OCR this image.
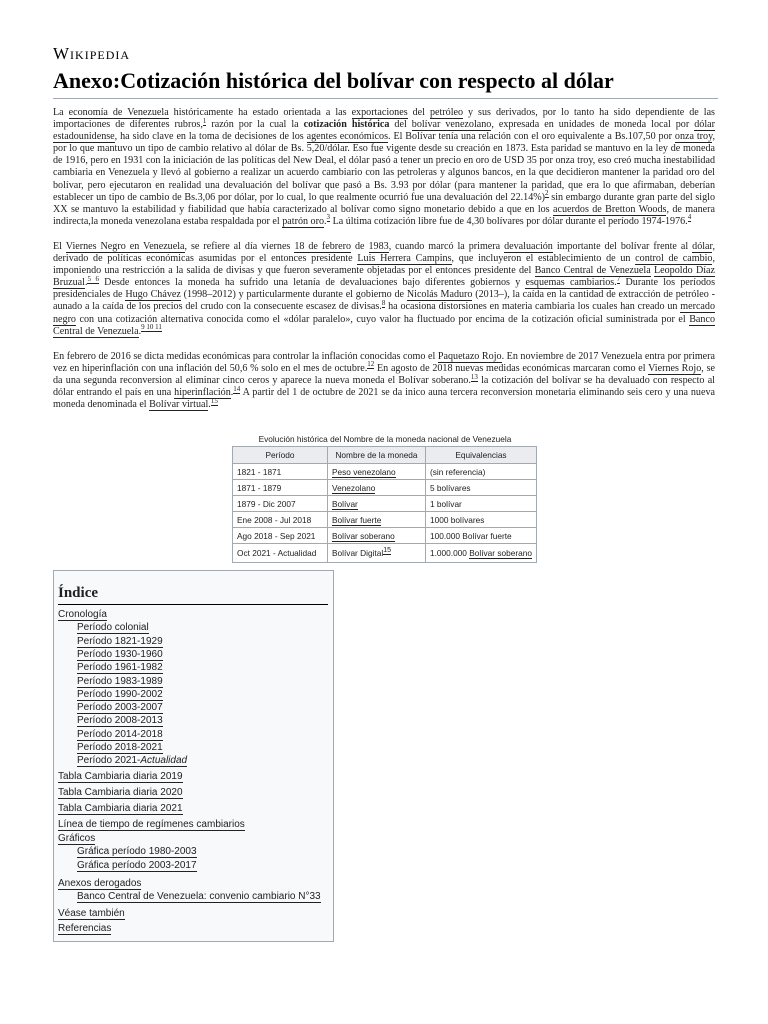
Wikipedia
Anexo:Cotización histórica del bolívar con respecto al dólar

La economía de Venezuela históricamente ha estado orientada a las exportaciones del petróleo y sus derivados, por lo tanto ha sido dependiente de las importaciones de diferentes rubros,$^1$ razón por la cual la cotización histórica del bolívar venezolano, expresada en unidades de moneda local por dólar estadounidense, ha sido clave en la toma de decisiones de los agentes económicos. El Bolívar tenía una relación con el oro equivalente a Bs.107,50 por onza troy, por lo que mantuvo un tipo de cambio relativo al dólar de Bs. 5,20/dólar. Eso fue vigente desde su creación en 1873. Esta paridad se mantuvo en la ley de moneda de 1916, pero en 1931 con la iniciación de las políticas del New Deal, el dólar pasó a tener un precio en oro de USD 35 por onza troy, eso creó mucha inestabilidad cambiaria en Venezuela y llevó al gobierno a realizar un acuerdo cambiario con las petroleras y algunos bancos, en la que decidieron mantener la paridad oro del bolívar, pero ejecutaron en realidad una devaluación del bolívar que pasó a Bs. 3.93 por dólar (para mantener la paridad, que era lo que afirmaban, deberían establecer un tipo de cambio de Bs.3,06 por dólar, por lo cual, lo que realmente ocurrió fue una devaluación del 22.14%)$^2$ sin embargo durante gran parte del siglo XX se mantuvo la estabilidad y fiabilidad que había caracterizado al bolívar como signo monetario debido a que en los acuerdos de Bretton Woods, de manera indirecta,la moneda venezolana estaba respaldada por el patrón oro.$^3$ La última cotización libre fue de 4,30 bolívares por dólar durante el período 1974-1976.$^4$

El Viernes Negro en Venezuela, se refiere al día viernes 18 de febrero de 1983, cuando marcó la primera devaluación importante del bolívar frente al dólar, derivado de políticas económicas asumidas por el entonces presidente Luis Herrera Campins, que incluyeron el establecimiento de un control de cambio, imponiendo una restricción a la salida de divisas y que fueron severamente objetadas por el entonces presidente del Banco Central de Venezuela Leopoldo Díaz Bruzual.$^{5 6}$ Desde entonces la moneda ha sufrido una letanía de devaluaciones bajo diferentes gobiernos y esquemas cambiarios.$^7$ Durante los períodos presidenciales de Hugo Chávez (1998–2012) y particularmente durante el gobierno de Nicolás Maduro (2013–), la caída en la cantidad de extracción de petróleo - aunado a la caída de los precios del crudo con la consecuente escasez de divisas.$^8$ ha ocasiona distorsiones en materia cambiaria los cuales han creado un mercado negro con una cotización alternativa conocida como el «dólar paralelo», cuyo valor ha fluctuado por encima de la cotización oficial suministrada por el Banco Central de Venezuela.$^{9 10 11}$

En febrero de 2016 se dicta medidas económicas para controlar la inflación conocidas como el Paquetazo Rojo. En noviembre de 2017 Venezuela entra por primera vez en hiperinflación con una inflación del 50,6 % solo en el mes de octubre.$^{12}$ En agosto de 2018 nuevas medidas económicas marcaran como el Viernes Rojo, se da una segunda reconversion al eliminar cinco ceros y aparece la nueva moneda el Bolívar soberano.$^{13}$ la cotización del bolívar se ha devaluado con respecto al dólar entrando el país en una hiperinflación.$^{14}$ A partir del 1 de octubre de 2021 se da inico auna tercera reconversion monetaria eliminando seis cero y una nueva moneda denominada el Bolívar virtual.$^{15}$

Evolución histórica del Nombre de la moneda nacional de Venezuela
Período	Nombre de la moneda	Equivalencias
1821 - 1871	Peso venezolano	(sin referencia)
1871 - 1879	Venezolano	5 bolívares
1879 - Dic 2007	Bolívar	1 bolívar
Ene 2008 - Jul 2018	Bolívar fuerte	1000 bolívares
Ago 2018 - Sep 2021	Bolívar soberano	100.000 Bolívar fuerte
Oct 2021 - Actualidad	Bolívar Digital$^{15}$	1.000.000 Bolívar soberano
Índice
Cronología
Período colonial
Período 1821-1929
Período 1930-1960
Período 1961-1982
Período 1983-1989
Período 1990-2002
Período 2003-2007
Período 2008-2013
Período 2014-2018
Período 2018-2021
Período 2021-Actualidad
Tabla Cambiaria diaria 2019
Tabla Cambiaria diaria 2020
Tabla Cambiaria diaria 2021
Línea de tiempo de regímenes cambiarios
Gráficos
Gráfica período 1980-2003
Gráfica período 2003-2017
Anexos derogados
Banco Central de Venezuela: convenio cambiario N°33
Véase también
Referencias
